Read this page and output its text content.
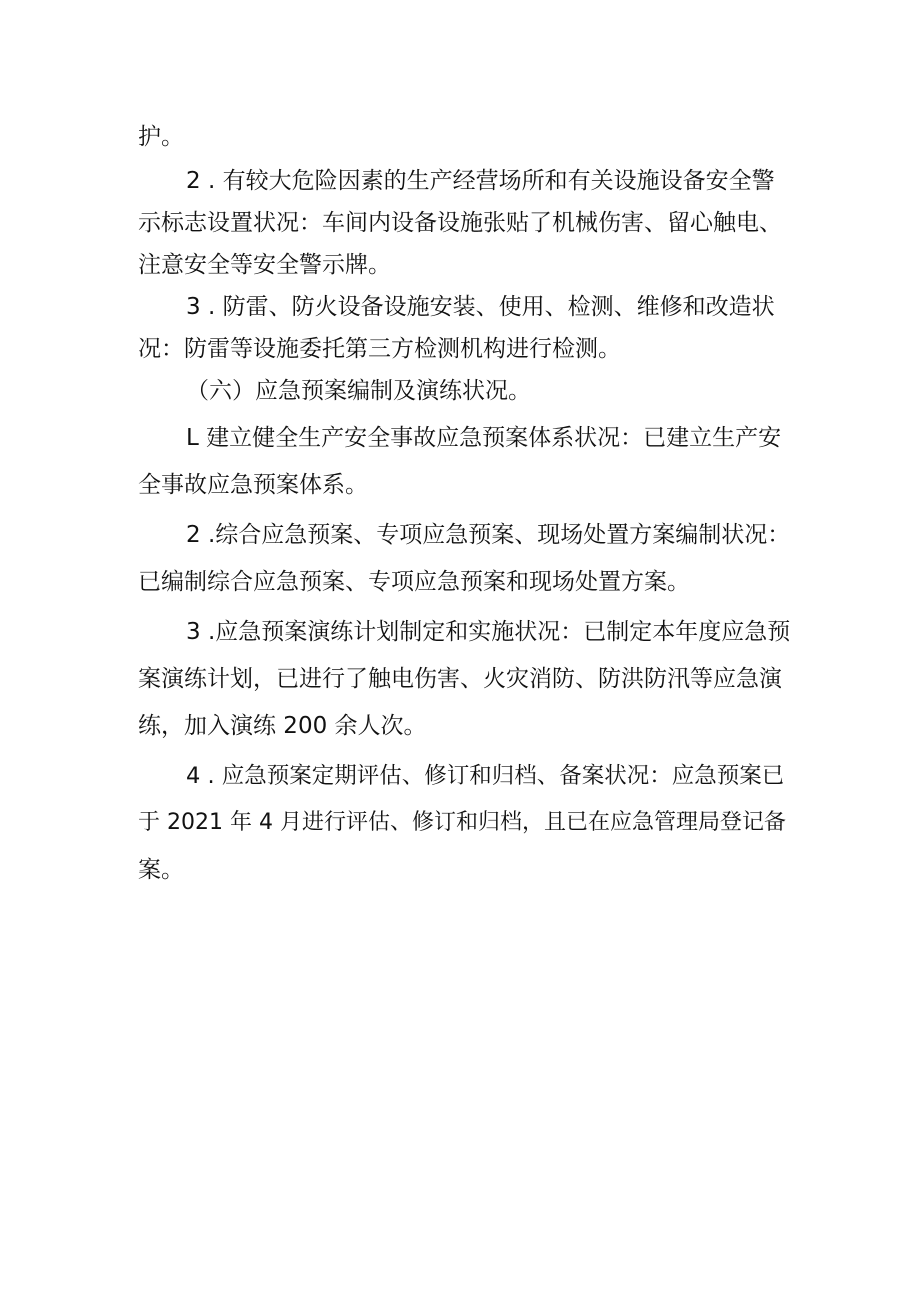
护。
2 . 有较大危险因素的生产经营场所和有关设施设备安全警
示标志设置状况：车间内设备设施张贴了机械伤害、留心触电、
注意安全等安全警示牌。
3 . 防雷、防火设备设施安装、使用、检测、维修和改造状
况：防雷等设施委托第三方检测机构进行检测。
（六）应急预案编制及演练状况。
L 建立健全生产安全事故应急预案体系状况：已建立生产安
全事故应急预案体系。
2 .综合应急预案、专项应急预案、现场处置方案编制状况：
已编制综合应急预案、专项应急预案和现场处置方案。
3 .应急预案演练计划制定和实施状况：已制定本年度应急预
案演练计划，已进行了触电伤害、火灾消防、防洪防汛等应急演
练，加入演练 200 余人次。
4 . 应急预案定期评估、修订和归档、备案状况：应急预案已
于 2021 年 4 月进行评估、修订和归档，且已在应急管理局登记备
案。
